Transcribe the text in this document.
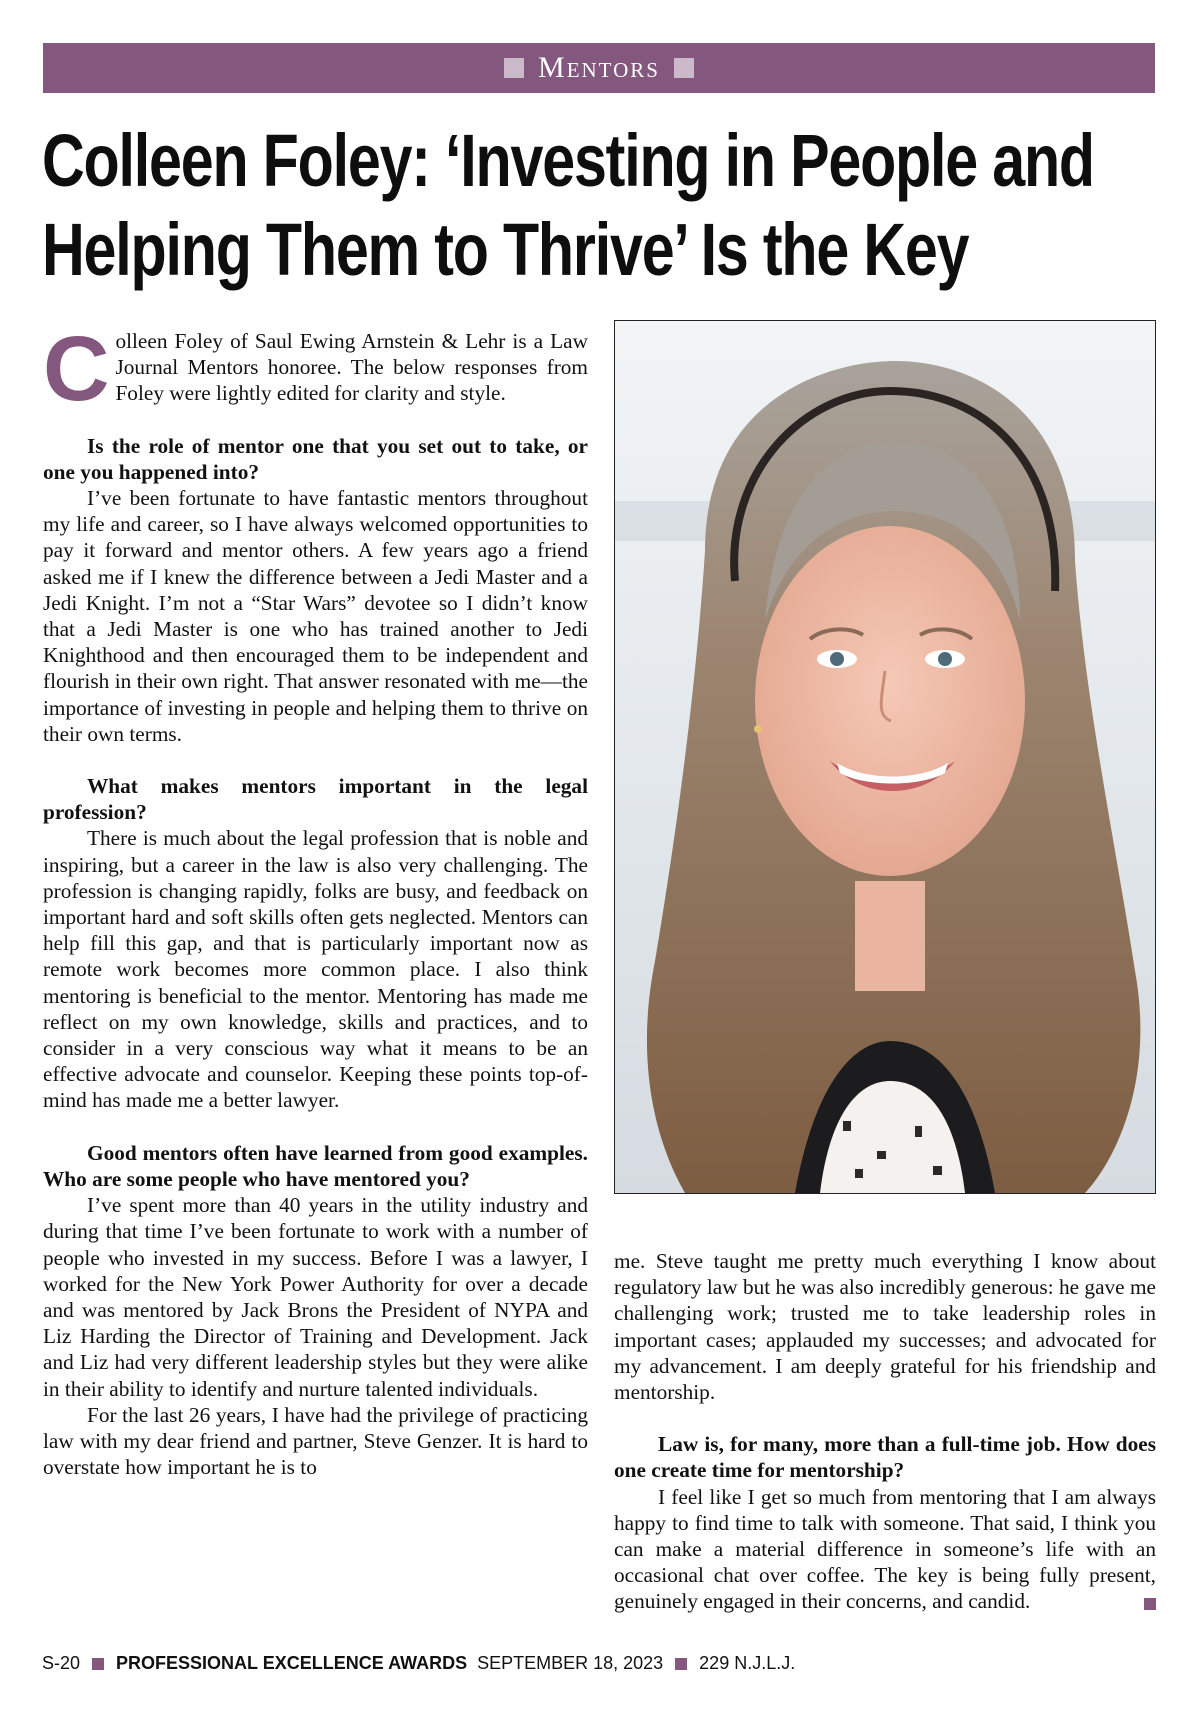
Mentors
Colleen Foley: ‘Investing in People and
Helping Them to Thrive’ Is the Key

Colleen Foley of Saul Ewing Arnstein & Lehr is a Law Journal Mentors honoree. The below responses from Foley were lightly edited for clarity and style.

Is the role of mentor one that you set out to take, or one you happened into?

I’ve been fortunate to have fantastic mentors throughout my life and career, so I have always welcomed opportunities to pay it forward and mentor others. A few years ago a friend asked me if I knew the difference between a Jedi Master and a Jedi Knight. I’m not a “Star Wars” devotee so I didn’t know that a Jedi Master is one who has trained another to Jedi Knighthood and then encouraged them to be independent and flourish in their own right. That answer resonated with me—the importance of investing in people and helping them to thrive on their own terms.

What makes mentors important in the legal profession?

There is much about the legal profession that is noble and inspiring, but a career in the law is also very challenging. The profession is changing rapidly, folks are busy, and feedback on important hard and soft skills often gets neglected. Mentors can help fill this gap, and that is particularly important now as remote work becomes more common place. I also think mentoring is beneficial to the mentor. Mentoring has made me reflect on my own knowledge, skills and practices, and to consider in a very conscious way what it means to be an effective advocate and counselor. Keeping these points top-of-mind has made me a better lawyer.

Good mentors often have learned from good examples. Who are some people who have mentored you?

I’ve spent more than 40 years in the utility industry and during that time I’ve been fortunate to work with a number of people who invested in my success. Before I was a lawyer, I worked for the New York Power Authority for over a decade and was mentored by Jack Brons the President of NYPA and Liz Harding the Director of Training and Development. Jack and Liz had very different leadership styles but they were alike in their ability to identify and nurture talented individuals.

For the last 26 years, I have had the privilege of practicing law with my dear friend and partner, Steve Genzer. It is hard to overstate how important he is to

me. Steve taught me pretty much everything I know about regulatory law but he was also incredibly generous: he gave me challenging work; trusted me to take leadership roles in important cases; applauded my successes; and advocated for my advancement. I am deeply grateful for his friendship and mentorship.

Law is, for many, more than a full-time job. How does one create time for mentorship?

I feel like I get so much from mentoring that I am always happy to find time to talk with someone. That said, I think you can make a material difference in someone’s life with an occasional chat over coffee. The key is being fully present, genuinely engaged in their concerns, and candid.

S-20 PROFESSIONAL EXCELLENCE AWARDS SEPTEMBER 18, 2023 229 N.J.L.J.
